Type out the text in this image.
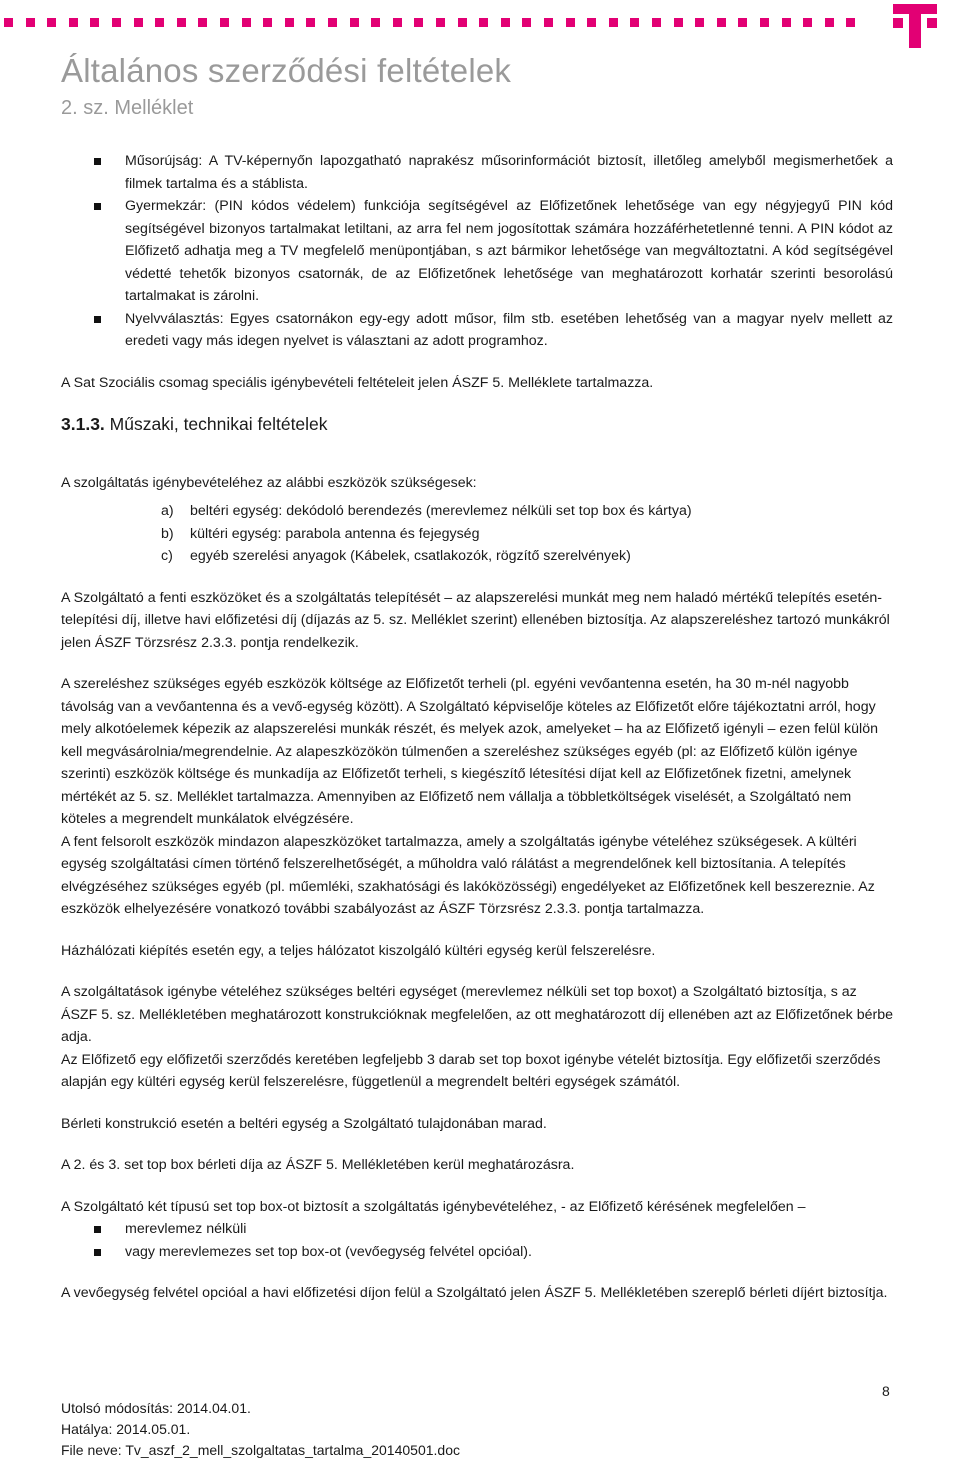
Általános szerződési feltételek
2. sz. Melléklet
Műsorújság: A TV-képernyőn lapozgatható naprakész műsorinformációt biztosít, illetőleg amelyből megismerhetőek a filmek tartalma és a stáblista.
Gyermekzár: (PIN kódos védelem) funkciója segítségével az Előfizetőnek lehetősége van egy négyjegyű PIN kód segítségével bizonyos tartalmakat letiltani, az arra fel nem jogosítottak számára hozzáférhetetlenné tenni. A PIN kódot az Előfizető adhatja meg a TV megfelelő menüpontjában, s azt bármikor lehetősége van megváltoztatni. A kód segítségével védetté tehetők bizonyos csatornák, de az Előfizetőnek lehetősége van meghatározott korhatár szerinti besorolású tartalmakat is zárolni.
Nyelvválasztás: Egyes csatornákon egy-egy adott műsor, film stb. esetében lehetőség van a magyar nyelv mellett az eredeti vagy más idegen nyelvet is választani az adott programhoz.

A Sat Szociális csomag speciális igénybevételi feltételeit jelen ÁSZF 5. Melléklete tartalmazza.

3.1.3. Műszaki, technikai feltételek

A szolgáltatás igénybevételéhez az alábbi eszközök szükségesek:

a) beltéri egység: dekódoló berendezés (merevlemez nélküli set top box és kártya)
b) kültéri egység: parabola antenna és fejegység
c) egyéb szerelési anyagok (Kábelek, csatlakozók, rögzítő szerelvények)

A Szolgáltató a fenti eszközöket és a szolgáltatás telepítését – az alapszerelési munkát meg nem haladó mértékű telepítés esetén- telepítési díj, illetve havi előfizetési díj (díjazás az 5. sz. Melléklet szerint) ellenében biztosítja. Az alapszereléshez tartozó munkákról jelen ÁSZF Törzsrész 2.3.3. pontja rendelkezik.

A szereléshez szükséges egyéb eszközök költsége az Előfizetőt terheli (pl. egyéni vevőantenna esetén, ha 30 m-nél nagyobb távolság van a vevőantenna és a vevő-egység között). A Szolgáltató képviselője köteles az Előfizetőt előre tájékoztatni arról, hogy mely alkotóelemek képezik az alapszerelési munkák részét, és melyek azok, amelyeket – ha az Előfizető igényli – ezen felül külön kell megvásárolnia/megrendelnie. Az alapeszközökön túlmenően a szereléshez szükséges egyéb (pl: az Előfizető külön igénye szerinti) eszközök költsége és munkadíja az Előfizetőt terheli, s kiegészítő létesítési díjat kell az Előfizetőnek fizetni, amelynek mértékét az 5. sz. Melléklet tartalmazza. Amennyiben az Előfizető nem vállalja a többletköltségek viselését, a Szolgáltató nem köteles a megrendelt munkálatok elvégzésére.

A fent felsorolt eszközök mindazon alapeszközöket tartalmazza, amely a szolgáltatás igénybe vételéhez szükségesek. A kültéri egység szolgáltatási címen történő felszerelhetőségét, a műholdra való rálátást a megrendelőnek kell biztosítania. A telepítés elvégzéséhez szükséges egyéb (pl. műemléki, szakhatósági és lakóközösségi) engedélyeket az Előfizetőnek kell beszereznie. Az eszközök elhelyezésére vonatkozó további szabályozást az ÁSZF Törzsrész 2.3.3. pontja tartalmazza.

Házhálózati kiépítés esetén egy, a teljes hálózatot kiszolgáló kültéri egység kerül felszerelésre.

A szolgáltatások igénybe vételéhez szükséges beltéri egységet (merevlemez nélküli set top boxot) a Szolgáltató biztosítja, s az ÁSZF 5. sz. Mellékletében meghatározott konstrukcióknak megfelelően, az ott meghatározott díj ellenében azt az Előfizetőnek bérbe adja.

Az Előfizető egy előfizetői szerződés keretében legfeljebb 3 darab set top boxot igénybe vételét biztosítja. Egy előfizetői szerződés alapján egy kültéri egység kerül felszerelésre, függetlenül a megrendelt beltéri egységek számától.

Bérleti konstrukció esetén a beltéri egység a Szolgáltató tulajdonában marad.

A 2. és 3. set top box bérleti díja az ÁSZF 5. Mellékletében kerül meghatározásra.

A Szolgáltató két típusú set top box-ot biztosít a szolgáltatás igénybevételéhez, - az Előfizető kérésének megfelelően –

merevlemez nélküli
vagy merevlemezes set top box-ot (vevőegység felvétel opcióal).

A vevőegység felvétel opcióal a havi előfizetési díjon felül a Szolgáltató jelen ÁSZF 5. Mellékletében szereplő bérleti díjért biztosítja.

8
Utolsó módosítás: 2014.04.01.
Hatálya: 2014.05.01.
File neve: Tv_aszf_2_mell_szolgaltatas_tartalma_20140501.doc
